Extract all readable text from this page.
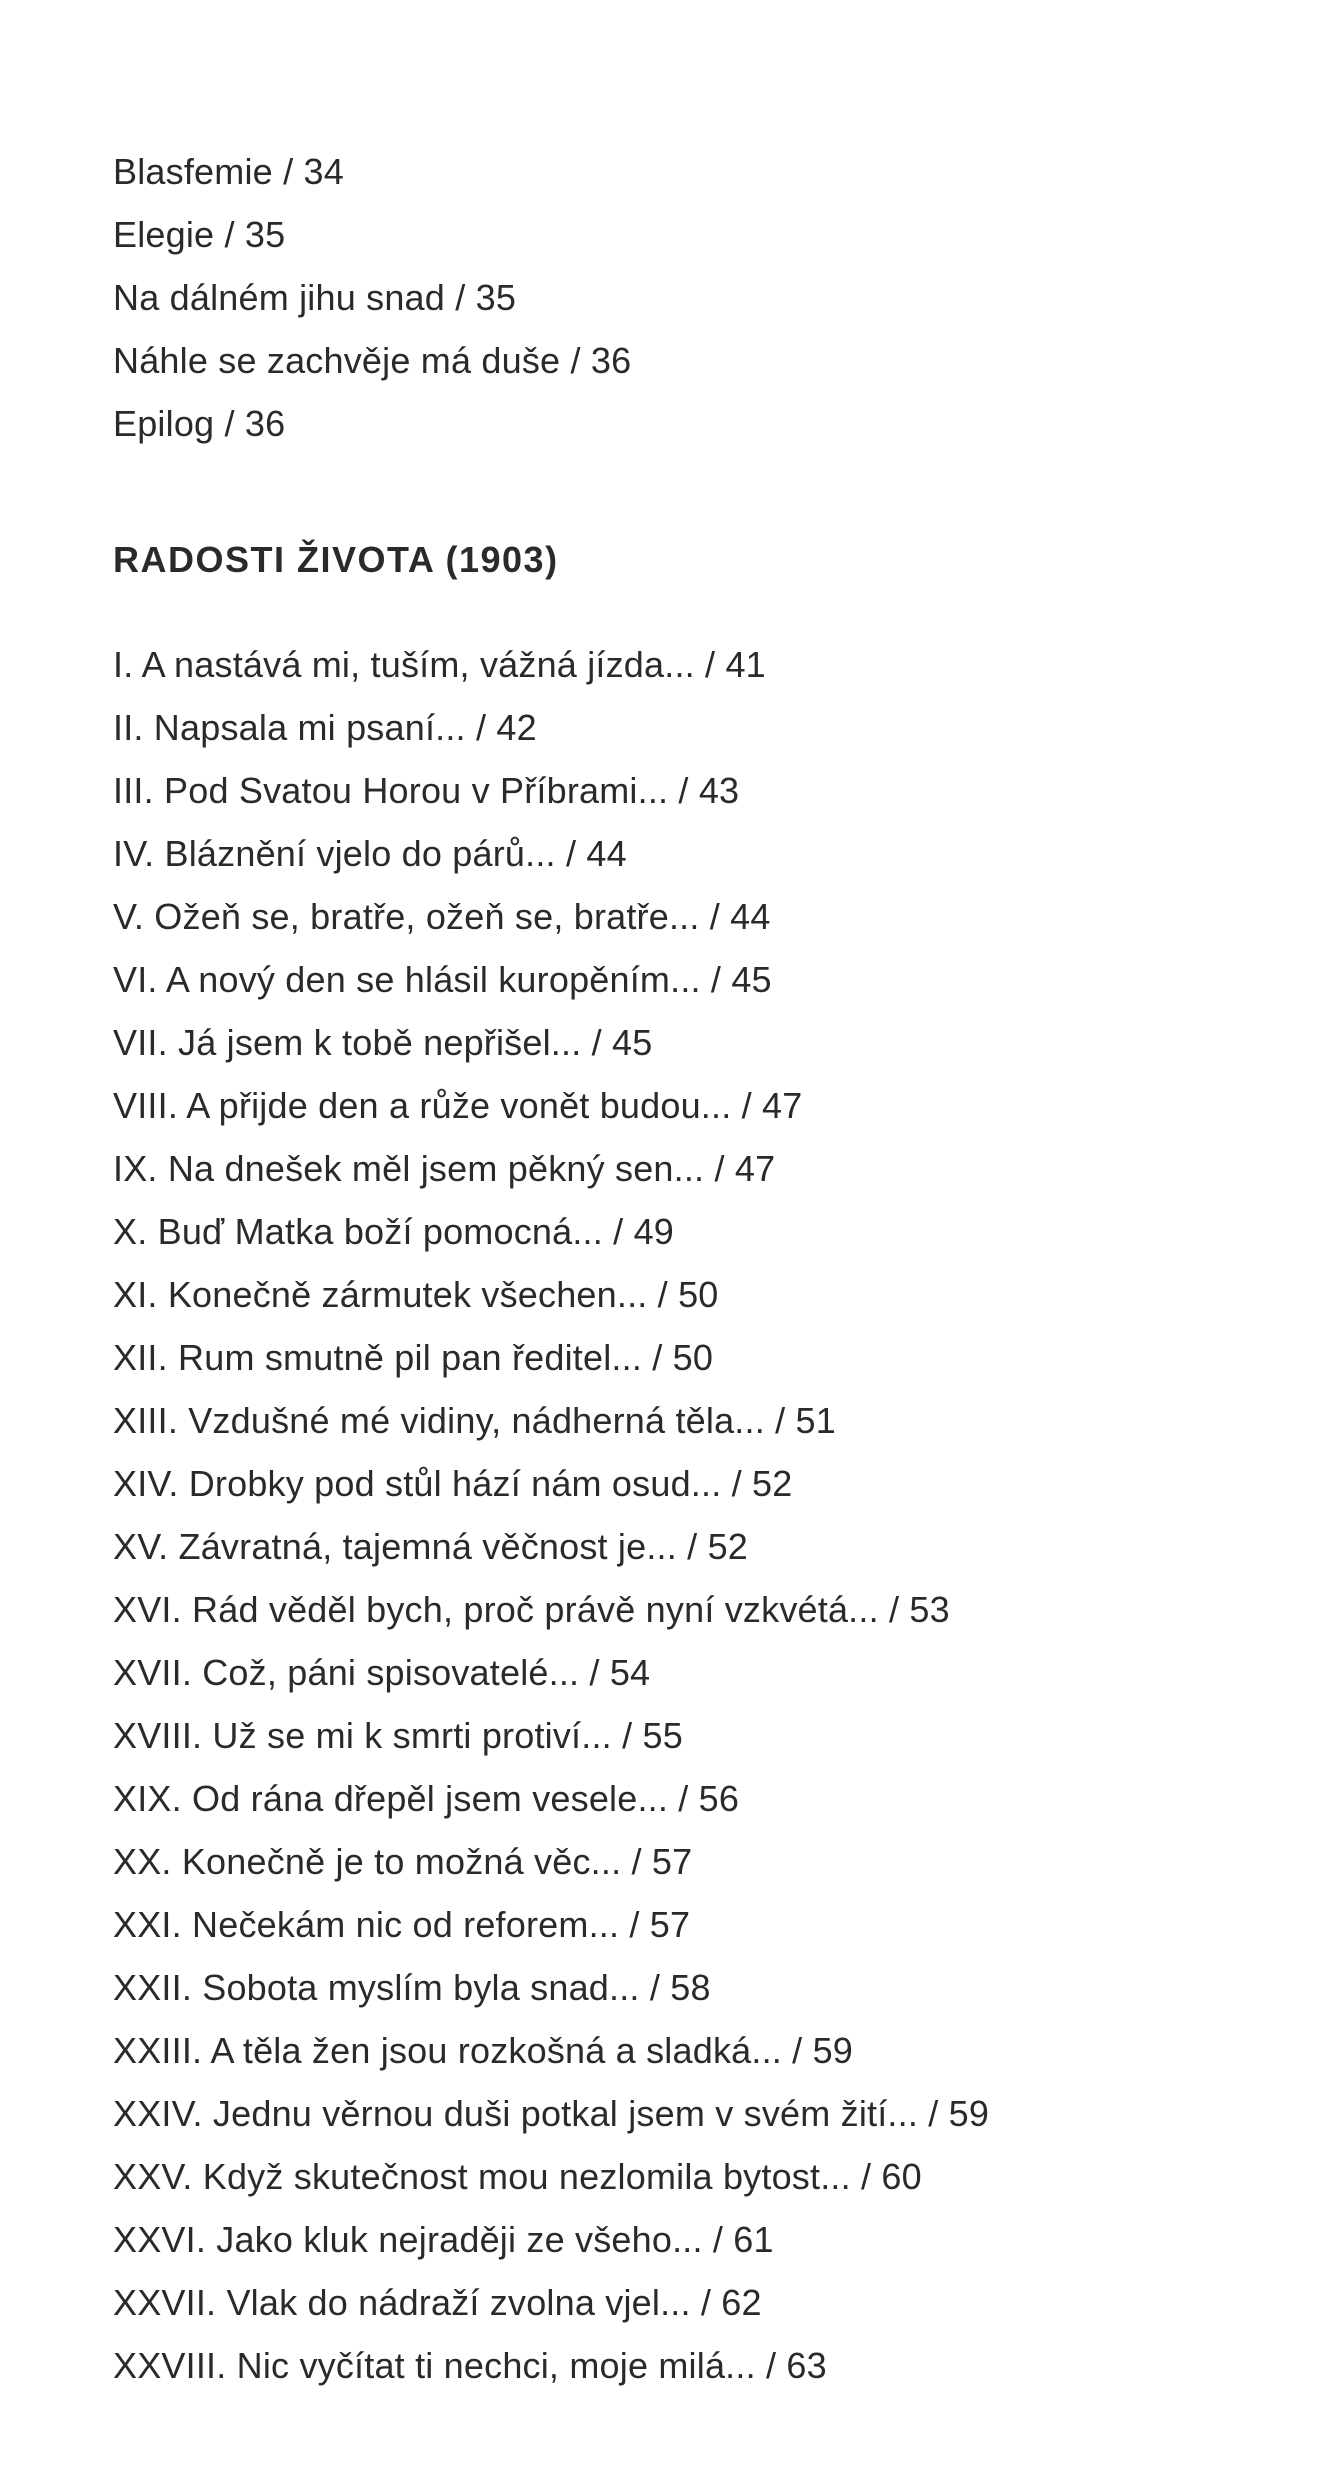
Blasfemie / 34
Elegie / 35
Na dálném jihu snad / 35
Náhle se zachvěje má duše / 36
Epilog / 36
RADOSTI ŽIVOTA (1903)
I. A nastává mi, tuším, vážná jízda... / 41
II. Napsala mi psaní... / 42
III. Pod Svatou Horou v Příbrami... / 43
IV. Bláznění vjelo do párů... / 44
V. Ožeň se, bratře, ožeň se, bratře... / 44
VI. A nový den se hlásil kuropěním... / 45
VII. Já jsem k tobě nepřišel... / 45
VIII. A přijde den a růže vonět budou... / 47
IX. Na dnešek měl jsem pěkný sen... / 47
X. Buď Matka boží pomocná... / 49
XI. Konečně zármutek všechen... / 50
XII. Rum smutně pil pan ředitel... / 50
XIII. Vzdušné mé vidiny, nádherná těla... / 51
XIV. Drobky pod stůl hází nám osud... / 52
XV. Závratná, tajemná věčnost je... / 52
XVI. Rád věděl bych, proč právě nyní vzkvétá... / 53
XVII. Což, páni spisovatelé... / 54
XVIII. Už se mi k smrti protiví... / 55
XIX. Od rána dřepěl jsem vesele... / 56
XX. Konečně je to možná věc... / 57
XXI. Nečekám nic od reforem... / 57
XXII. Sobota myslím byla snad... / 58
XXIII. A těla žen jsou rozkošná a sladká... / 59
XXIV. Jednu věrnou duši potkal jsem v svém žití... / 59
XXV. Když skutečnost mou nezlomila bytost... / 60
XXVI. Jako kluk nejraději ze všeho... / 61
XXVII. Vlak do nádraží zvolna vjel... / 62
XXVIII. Nic vyčítat ti nechci, moje milá... / 63
